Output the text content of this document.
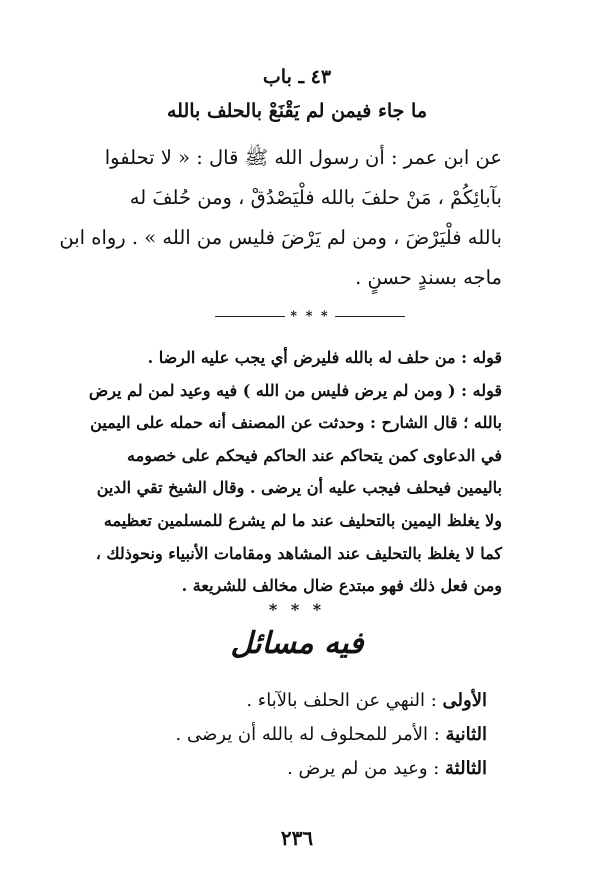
٤٣ ـ باب
ما جاء فيمن لم يَقْنَعْ بالحلف بالله
عن ابن عمر : أن رسول الله ﷺ قال : « لا تحلفوا
بآبائِكُمْ ، مَنْ حلفَ بالله فلْيَصْدُقْ ، ومن حُلفَ له
بالله فلْيَرْضَ ، ومن لم يَرْضَ فليس من الله » . رواه ابن
ماجه بسندٍ حسنٍ .
* * *
قوله : من حلف له بالله فليرض أي يجب عليه الرضا .
قوله : ( ومن لم يرض فليس من الله ) فيه وعيد لمن لم يرض
بالله ؛ قال الشارح : وحدثت عن المصنف أنه حمله على اليمين
في الدعاوى كمن يتحاكم عند الحاكم فيحكم على خصومه
باليمين فيحلف فيجب عليه أن يرضى . وقال الشيخ تقي الدين
ولا يغلظ اليمين بالتحليف عند ما لم يشرع للمسلمين تعظيمه
كما لا يغلظ بالتحليف عند المشاهد ومقامات الأنبياء ونحوذلك ،
ومن فعل ذلك فهو مبتدع ضال مخالف للشريعة .
* * *
فيه مسائل
الأولى : النهي عن الحلف بالآباء .
الثانية : الأمر للمحلوف له بالله أن يرضى .
الثالثة : وعيد من لم يرض .
٢٣٦
